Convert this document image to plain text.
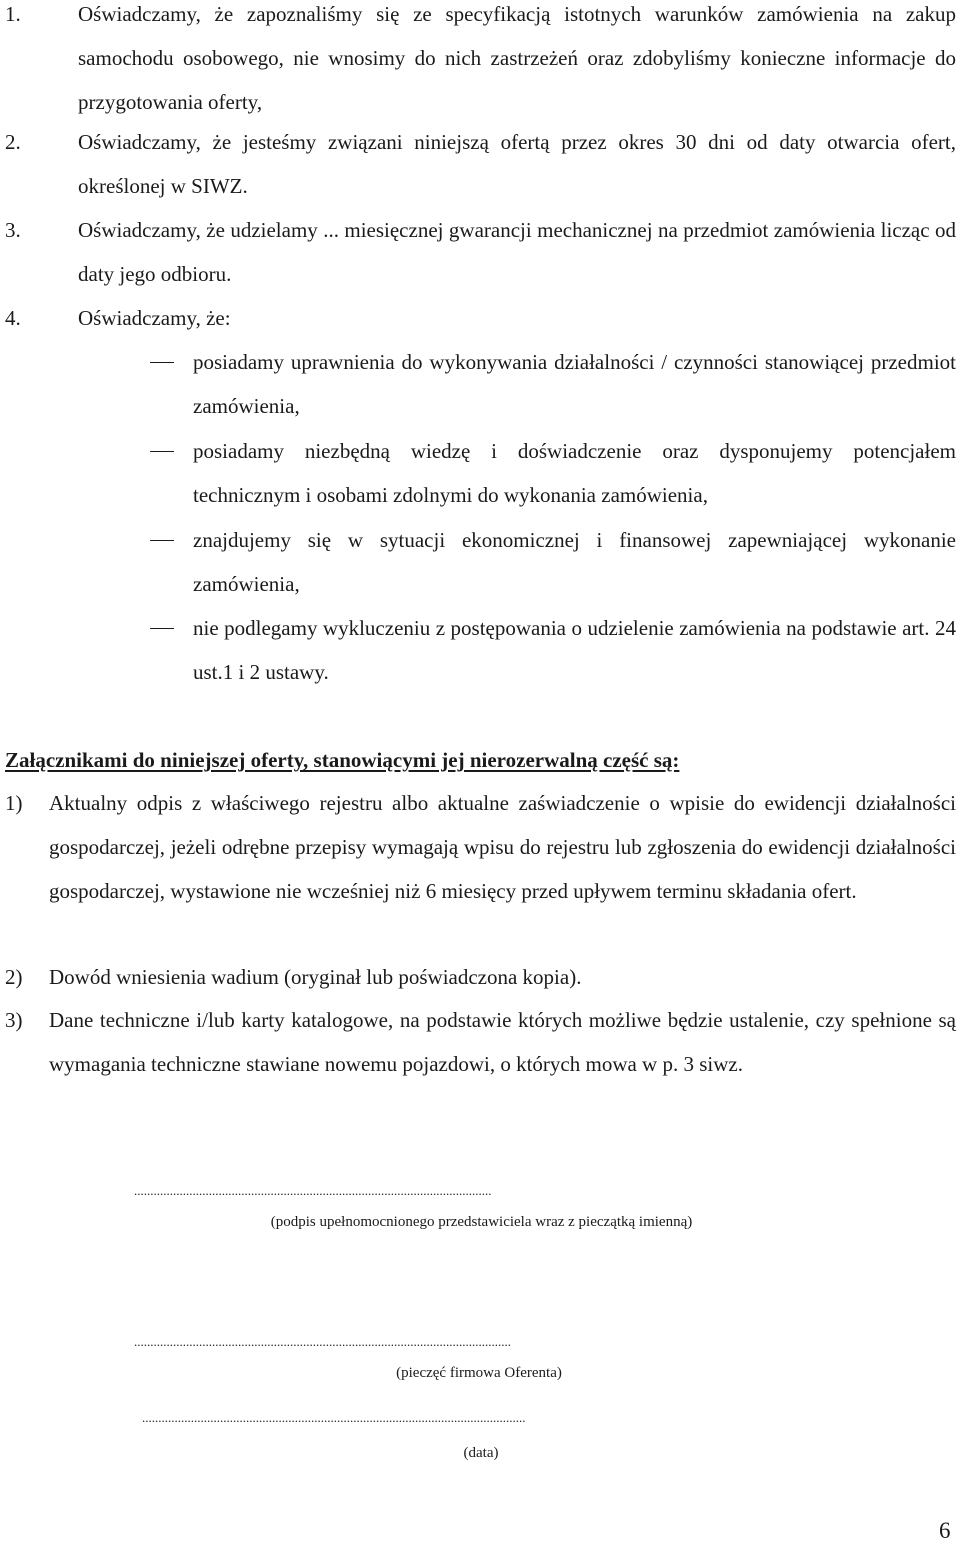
1.	Oświadczamy, że zapoznaliśmy się ze specyfikacją istotnych warunków zamówienia na zakup samochodu osobowego, nie wnosimy do nich zastrzeżeń oraz zdobyliśmy konieczne informacje do przygotowania oferty,

2.	Oświadczamy, że jesteśmy związani niniejszą ofertą przez okres 30 dni od daty otwarcia ofert, określonej w SIWZ.

3.	Oświadczamy, że udzielamy ... miesięcznej gwarancji mechanicznej na przedmiot zamówienia licząc od daty jego odbioru.

4.	Oświadczamy, że:

posiadamy uprawnienia do wykonywania działalności / czynności stanowiącej przedmiot zamówienia,

posiadamy niezbędną wiedzę i doświadczenie oraz dysponujemy potencjałem technicznym i osobami zdolnymi do wykonania zamówienia,

znajdujemy się w sytuacji ekonomicznej i finansowej zapewniającej wykonanie zamówienia,

nie podlegamy wykluczeniu z postępowania o udzielenie zamówienia na podstawie art. 24 ust.1 i 2 ustawy.

Załącznikami do niniejszej oferty, stanowiącymi jej nierozerwalną część są:
1) Aktualny odpis z właściwego rejestru albo aktualne zaświadczenie o wpisie do ewidencji działalności gospodarczej, jeżeli odrębne przepisy wymagają wpisu do rejestru lub zgłoszenia do ewidencji działalności gospodarczej, wystawione nie wcześniej niż 6 miesięcy przed upływem terminu składania ofert.

2) Dowód wniesienia wadium (oryginał lub poświadczona kopia).

3) Dane techniczne i/lub karty katalogowe, na podstawie których możliwe będzie ustalenie, czy spełnione są wymagania techniczne stawiane nowemu pojazdowi, o których mowa w p. 3 siwz.

..............................................................................................................
(podpis upełnomocnionego przedstawiciela wraz z pieczątką imienną)
....................................................................................................................
(pieczęć firmowa Oferenta)
......................................................................................................................
(data)
6
